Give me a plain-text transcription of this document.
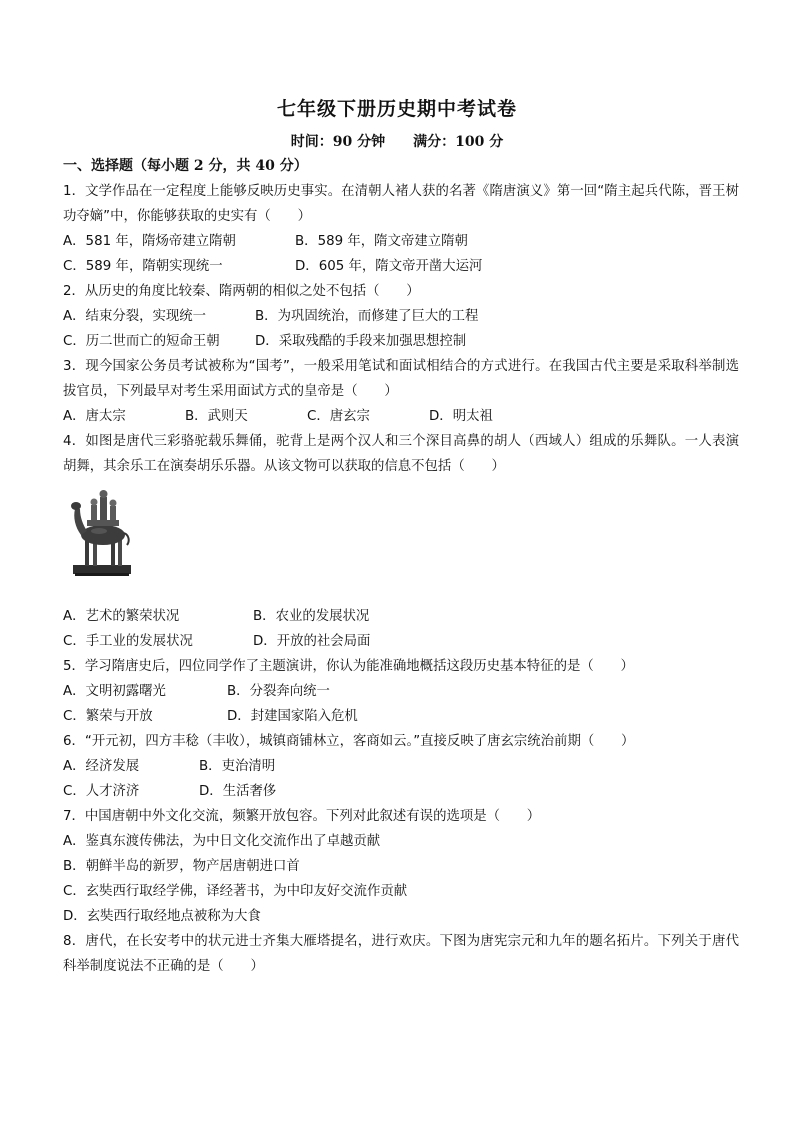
七年级下册历史期中考试卷
时间：90 分钟 满分：100 分
一、选择题（每小题 2 分，共 40 分）
1．文学作品在一定程度上能够反映历史事实。在清朝人褚人获的名著《隋唐演义》第一回“隋主起兵代陈，晋王树功夺嫡”中，你能够获取的史实有（　　）
A．581 年，隋炀帝建立隋朝	B．589 年，隋文帝建立隋朝
C．589 年，隋朝实现统一	D．605 年，隋文帝开凿大运河
2．从历史的角度比较秦、隋两朝的相似之处不包括（　　）
A．结束分裂，实现统一	B．为巩固统治，而修建了巨大的工程
C．历二世而亡的短命王朝	D．采取残酷的手段来加强思想控制
3．现今国家公务员考试被称为“国考”，一般采用笔试和面试相结合的方式进行。在我国古代主要是采取科举制选拔官员，下列最早对考生采用面试方式的皇帝是（　　）
A．唐太宗	B．武则天	C．唐玄宗	D．明太祖
4．如图是唐代三彩骆驼载乐舞俑，驼背上是两个汉人和三个深目高鼻的胡人（西域人）组成的乐舞队。一人表演胡舞，其余乐工在演奏胡乐乐器。从该文物可以获取的信息不包括（　　）
A．艺术的繁荣状况	B．农业的发展状况
C．手工业的发展状况	D．开放的社会局面
5．学习隋唐史后，四位同学作了主题演讲，你认为能准确地概括这段历史基本特征的是（　　）
A．文明初露曙光	B．分裂奔向统一
C．繁荣与开放	D．封建国家陷入危机
6．“开元初，四方丰稔（丰收），城镇商铺林立，客商如云。”直接反映了唐玄宗统治前期（　　）
A．经济发展	B．吏治清明
C．人才济济	D．生活奢侈
7．中国唐朝中外文化交流，频繁开放包容。下列对此叙述有误的选项是（　　）
A．鉴真东渡传佛法，为中日文化交流作出了卓越贡献
B．朝鲜半岛的新罗，物产居唐朝进口首
C．玄奘西行取经学佛，译经著书，为中印友好交流作贡献
D．玄奘西行取经地点被称为大食
8．唐代，在长安考中的状元进士齐集大雁塔提名，进行欢庆。下图为唐宪宗元和九年的题名拓片。下列关于唐代科举制度说法不正确的是（　　）
